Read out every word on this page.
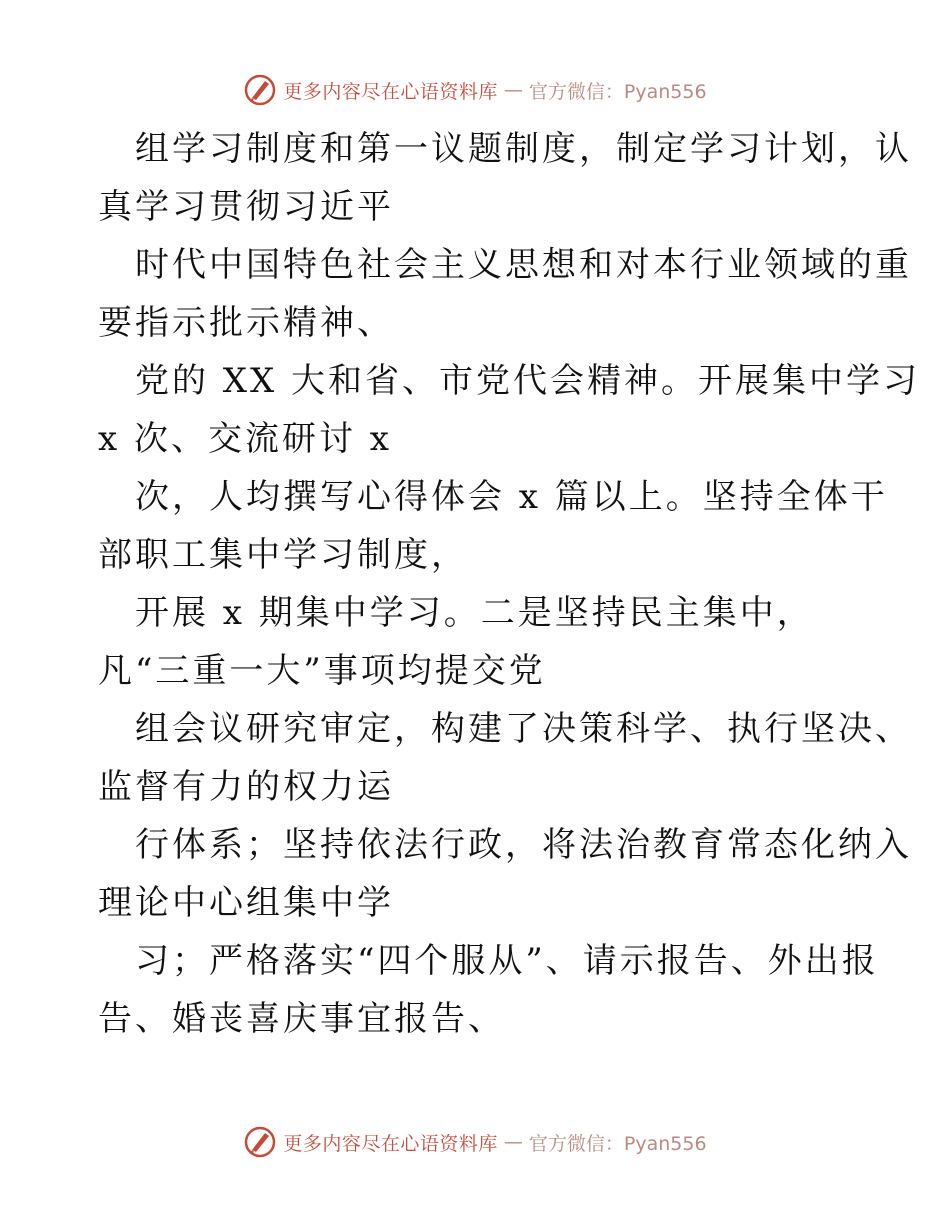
更多内容尽在心语资料库 — 官方微信：Pyan556
组学习制度和第一议题制度，制定学习计划，认
真学习贯彻习近平
时代中国特色社会主义思想和对本行业领域的重
要指示批示精神、
党的 XX 大和省、市党代会精神。开展集中学习
x 次、交流研讨 x
次，人均撰写心得体会 x 篇以上。坚持全体干
部职工集中学习制度，
开展 x 期集中学习。二是坚持民主集中，
凡“三重一大”事项均提交党
组会议研究审定，构建了决策科学、执行坚决、
监督有力的权力运
行体系；坚持依法行政，将法治教育常态化纳入
理论中心组集中学
习；严格落实“四个服从”、请示报告、外出报
告、婚丧喜庆事宜报告、
更多内容尽在心语资料库 — 官方微信：Pyan556
